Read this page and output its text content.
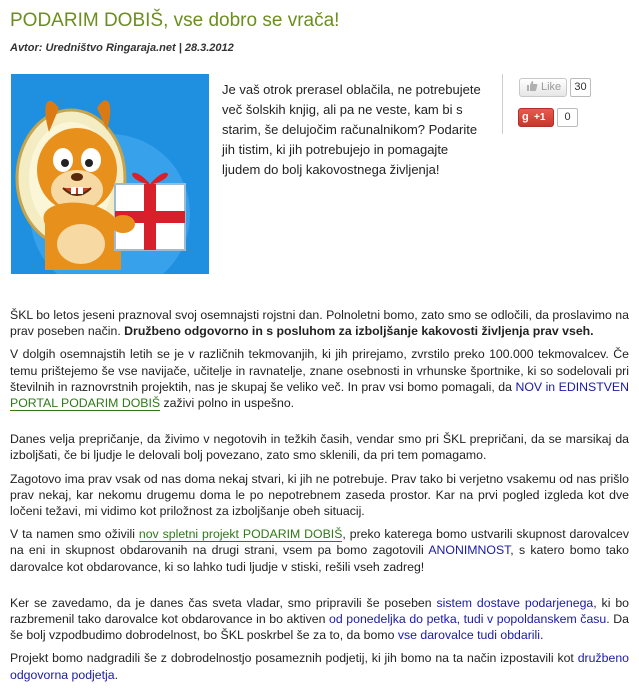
PODARIM DOBIŠ, vse dobro se vrača!
Avtor: Uredništvo Ringaraja.net | 28.3.2012

Je vaš otrok prerasel oblačila, ne potrebujete več šolskih knjig, ali pa ne veste, kam bi s starim, še delujočim računalnikom? Podarite jih tistim, ki jih potrebujejo in pomagajte ljudem do bolj kakovostnega življenja!

Like	30
g +1	0

ŠKL bo letos jeseni praznoval svoj osemnajsti rojstni dan. Polnoletni bomo, zato smo se odločili, da proslavimo na prav poseben način. Družbeno odgovorno in s posluhom za izboljšanje kakovosti življenja prav vseh.

V dolgih osemnajstih letih se je v različnih tekmovanjih, ki jih prirejamo, zvrstilo preko 100.000 tekmovalcev. Če temu prištejemo še vse navijače, učitelje in ravnatelje, znane osebnosti in vrhunske športnike, ki so sodelovali pri številnih in raznovrstnih projektih, nas je skupaj še veliko več. In prav vsi bomo pomagali, da NOV in EDINSTVEN PORTAL PODARIM DOBIŠ zaživi polno in uspešno.

Danes velja prepričanje, da živimo v negotovih in težkih časih, vendar smo pri ŠKL prepričani, da se marsikaj da izboljšati, če bi ljudje le delovali bolj povezano, zato smo sklenili, da pri tem pomagamo.

Zagotovo ima prav vsak od nas doma nekaj stvari, ki jih ne potrebuje. Prav tako bi verjetno vsakemu od nas prišlo prav nekaj, kar nekomu drugemu doma le po nepotrebnem zaseda prostor. Kar na prvi pogled izgleda kot dve ločeni težavi, mi vidimo kot priložnost za izboljšanje obeh situacij.

V ta namen smo oživili nov spletni projekt PODARIM DOBIŠ, preko katerega bomo ustvarili skupnost darovalcev na eni in skupnost obdarovanih na drugi strani, vsem pa bomo zagotovili ANONIMNOST, s katero bomo tako darovalce kot obdarovance, ki so lahko tudi ljudje v stiski, rešili vseh zadreg!

Ker se zavedamo, da je danes čas sveta vladar, smo pripravili še poseben sistem dostave podarjenega, ki bo razbremenil tako darovalce kot obdarovance in bo aktiven od ponedeljka do petka, tudi v popoldanskem času. Da še bolj vzpodbudimo dobrodelnost, bo ŠKL poskrbel še za to, da bomo vse darovalce tudi obdarili.

Projekt bomo nadgradili še z dobrodelnostjo posameznih podjetij, ki jih bomo na ta način izpostavili kot družbeno odgovorna podjetja.
